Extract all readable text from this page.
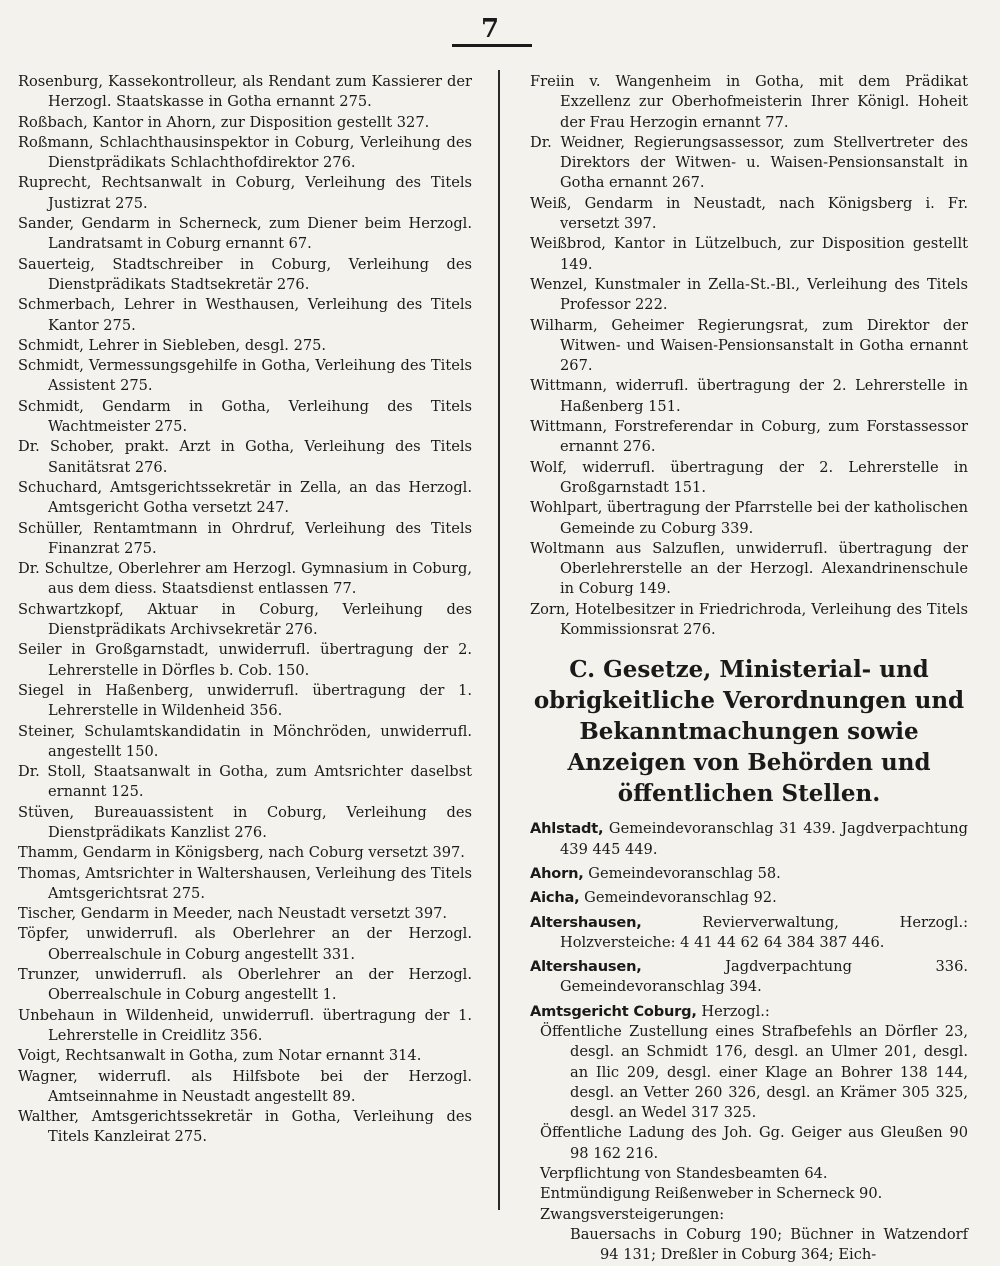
7

Rosenburg, Kassekontrolleur, als Rendant zum Kassierer der Herzogl. Staatskasse in Gotha ernannt 275.

Roßbach, Kantor in Ahorn, zur Disposition gestellt 327.

Roßmann, Schlachthausinspektor in Coburg, Verleihung des Dienstprädikats Schlachthofdirektor 276.

Ruprecht, Rechtsanwalt in Coburg, Verleihung des Titels Justizrat 275.

Sander, Gendarm in Scherneck, zum Diener beim Herzogl. Landratsamt in Coburg ernannt 67.

Sauerteig, Stadtschreiber in Coburg, Verleihung des Dienstprädikats Stadtsekretär 276.

Schmerbach, Lehrer in Westhausen, Verleihung des Titels Kantor 275.

Schmidt, Lehrer in Siebleben, desgl. 275.

Schmidt, Vermessungsgehilfe in Gotha, Verleihung des Titels Assistent 275.

Schmidt, Gendarm in Gotha, Verleihung des Titels Wachtmeister 275.

Dr. Schober, prakt. Arzt in Gotha, Verleihung des Titels Sanitätsrat 276.

Schuchard, Amtsgerichtssekretär in Zella, an das Herzogl. Amtsgericht Gotha versetzt 247.

Schüller, Rentamtmann in Ohrdruf, Verleihung des Titels Finanzrat 275.

Dr. Schultze, Oberlehrer am Herzogl. Gymnasium in Coburg, aus dem diess. Staatsdienst entlassen 77.

Schwartzkopf, Aktuar in Coburg, Verleihung des Dienstprädikats Archivsekretär 276.

Seiler in Großgarnstadt, unwiderrufl. übertragung der 2. Lehrerstelle in Dörfles b. Cob. 150.

Siegel in Haßenberg, unwiderrufl. übertragung der 1. Lehrerstelle in Wildenheid 356.

Steiner, Schulamtskandidatin in Mönchröden, unwiderrufl. angestellt 150.

Dr. Stoll, Staatsanwalt in Gotha, zum Amtsrichter daselbst ernannt 125.

Stüven, Bureauassistent in Coburg, Verleihung des Dienstprädikats Kanzlist 276.

Thamm, Gendarm in Königsberg, nach Coburg versetzt 397.

Thomas, Amtsrichter in Waltershausen, Verleihung des Titels Amtsgerichtsrat 275.

Tischer, Gendarm in Meeder, nach Neustadt versetzt 397.

Töpfer, unwiderrufl. als Oberlehrer an der Herzogl. Oberrealschule in Coburg angestellt 331.

Trunzer, unwiderrufl. als Oberlehrer an der Herzogl. Oberrealschule in Coburg angestellt 1.

Unbehaun in Wildenheid, unwiderrufl. übertragung der 1. Lehrerstelle in Creidlitz 356.

Voigt, Rechtsanwalt in Gotha, zum Notar ernannt 314.

Wagner, widerrufl. als Hilfsbote bei der Herzogl. Amtseinnahme in Neustadt angestellt 89.

Walther, Amtsgerichtssekretär in Gotha, Verleihung des Titels Kanzleirat 275.

Freiin v. Wangenheim in Gotha, mit dem Prädikat Exzellenz zur Oberhofmeisterin Ihrer Königl. Hoheit der Frau Herzogin ernannt 77.

Dr. Weidner, Regierungsassessor, zum Stellvertreter des Direktors der Witwen- u. Waisen-Pensionsanstalt in Gotha ernannt 267.

Weiß, Gendarm in Neustadt, nach Königsberg i. Fr. versetzt 397.

Weißbrod, Kantor in Lützelbuch, zur Disposition gestellt 149.

Wenzel, Kunstmaler in Zella-St.-Bl., Verleihung des Titels Professor 222.

Wilharm, Geheimer Regierungsrat, zum Direktor der Witwen- und Waisen-Pensionsanstalt in Gotha ernannt 267.

Wittmann, widerrufl. übertragung der 2. Lehrerstelle in Haßenberg 151.

Wittmann, Forstreferendar in Coburg, zum Forstassessor ernannt 276.

Wolf, widerrufl. übertragung der 2. Lehrerstelle in Großgarnstadt 151.

Wohlpart, übertragung der Pfarrstelle bei der katholischen Gemeinde zu Coburg 339.

Woltmann aus Salzuflen, unwiderrufl. übertragung der Oberlehrerstelle an der Herzogl. Alexandrinenschule in Coburg 149.

Zorn, Hotelbesitzer in Friedrichroda, Verleihung des Titels Kommissionsrat 276.

C. Gesetze, Ministerial- und obrigkeitliche Verordnungen und Bekanntmachungen sowie Anzeigen von Behörden und öffentlichen Stellen.

Ahlstadt, Gemeindevoranschlag 31 439. Jagdverpachtung 439 445 449.

Ahorn, Gemeindevoranschlag 58.

Aicha, Gemeindevoranschlag 92.

Altershausen,	Revierverwaltung, Herzogl.: Holzversteiche: 4 41 44 62 64 384 387 446.

Altershausen,	Jagdverpachtung 336. Gemeindevoranschlag 394.

Amtsgericht Coburg, Herzogl.:

Öffentliche Zustellung eines Strafbefehls an Dörfler 23, desgl. an Schmidt 176, desgl. an Ulmer 201, desgl. an Ilic 209, desgl. einer Klage an Bohrer 138 144, desgl. an Vetter 260 326, desgl. an Krämer 305 325, desgl. an Wedel 317 325.

Öffentliche Ladung des Joh. Gg. Geiger aus Gleußen 90 98 162 216.

Verpflichtung von Standesbeamten 64.

Entmündigung Reißenweber in Scherneck 90.

Zwangsversteigerungen:

Bauersachs in Coburg 190; Büchner in Watzendorf 94 131; Dreßler in Coburg 364; Eich-
